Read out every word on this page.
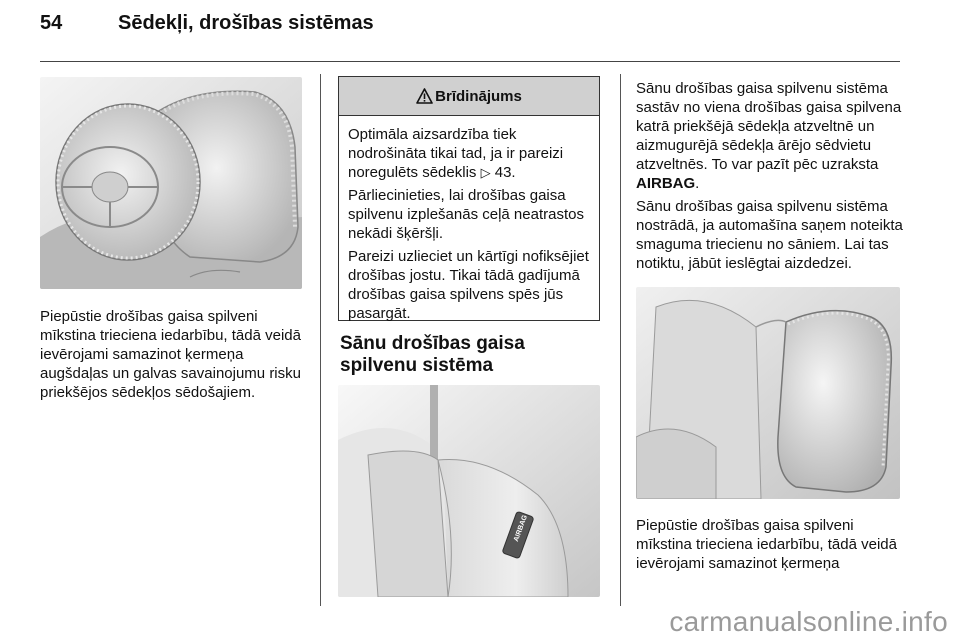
54	Sēdekļi, drošības sistēmas

Piepūstie drošības gaisa spilveni mīkstina trieciena iedarbību, tādā veidā ievērojami samazinot ķermeņa augšdaļas un galvas savainojumu risku priekšējos sēdekļos sēdošajiem.

Brīdinājums

Optimāla aizsardzība tiek nodrošināta tikai tad, ja ir pareizi noregulēts sēdeklis ▷ 43.

Pārliecinieties, lai drošības gaisa spilvenu izplešanās ceļā neatrastos nekādi šķēršļi.

Pareizi uzlieciet un kārtīgi nofiksējiet drošības jostu. Tikai tādā gadījumā drošības gaisa spilvens spēs jūs pasargāt.

Sānu drošības gaisa spilvenu sistēma
AIRBAG

Sānu drošības gaisa spilvenu sistēma sastāv no viena drošības gaisa spilvena katrā priekšējā sēdekļa atzveltnē un aizmugurējā sēdekļa ārējo sēdvietu atzveltnēs. To var pazīt pēc uzraksta AIRBAG.

Sānu drošības gaisa spilvenu sistēma nostrādā, ja automašīna saņem noteikta smaguma triecienu no sāniem. Lai tas notiktu, jābūt ieslēgtai aizdedzei.

Piepūstie drošības gaisa spilveni mīkstina trieciena iedarbību, tādā veidā ievērojami samazinot ķermeņa

carmanualsonline.info
